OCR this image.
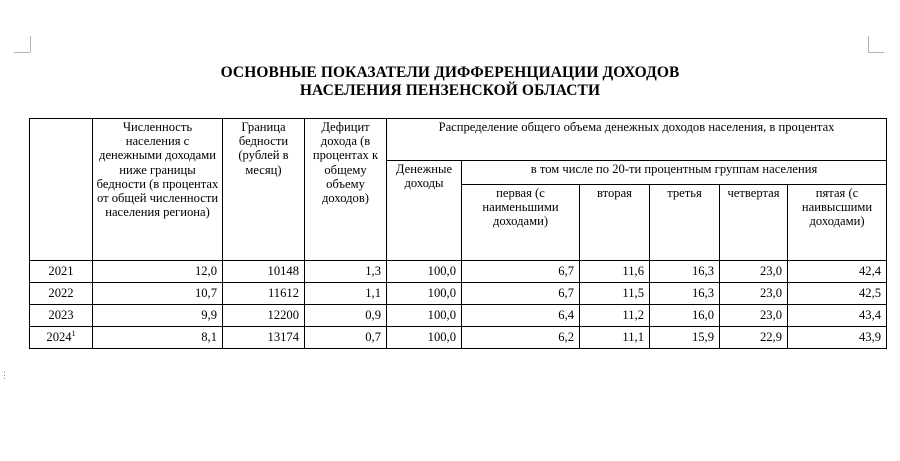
⋮
ОСНОВНЫЕ ПОКАЗАТЕЛИ ДИФФЕРЕНЦИАЦИИ ДОХОДОВ
НАСЕЛЕНИЯ ПЕНЗЕНСКОЙ ОБЛАСТИ
	Численность населения с денежными доходами ниже границы бедности (в процентах от общей численности населения региона)	Граница бедности (рублей в месяц)	Дефицит дохода (в процентах к общему объему доходов)	Распределение общего объема денежных доходов населения, в процентах					
				Денежные доходы	в том числе по 20-ти процентным группам населения				
					первая (с наименьшими доходами)	вторая	третья	четвертая	пятая (с наивысшими доходами)
2021	12,0	10148	1,3	100,0	6,7	11,6	16,3	23,0	42,4
2022	10,7	11612	1,1	100,0	6,7	11,5	16,3	23,0	42,5
2023	9,9	12200	0,9	100,0	6,4	11,2	16,0	23,0	43,4
2024$^1$	8,1	13174	0,7	100,0	6,2	11,1	15,9	22,9	43,9
